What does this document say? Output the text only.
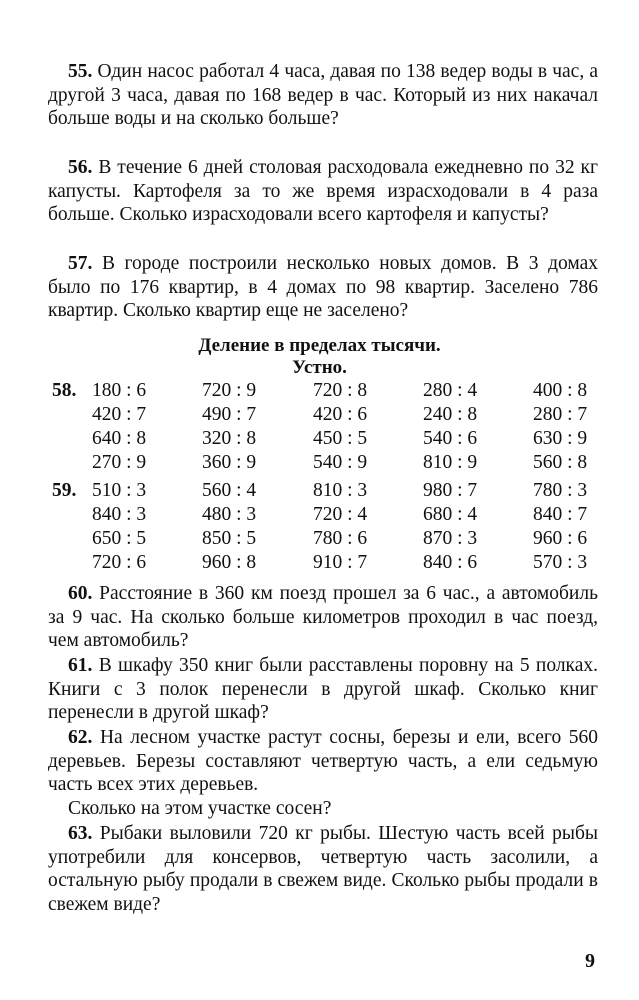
55. Один насос работал 4 часа, давая по 138 ведер воды в час, а другой 3 часа, давая по 168 ведер в час. Который из них накачал больше воды и на сколько больше?
56. В течение 6 дней столовая расходовала ежедневно по 32 кг капусты. Картофеля за то же время израсходовали в 4 раза больше. Сколько израсходовали всего картофеля и капусты?
57. В городе построили несколько новых домов. В 3 домах было по 176 квартир, в 4 домах по 98 квартир. Заселено 786 квартир. Сколько квартир еще не заселено?
Деление в пределах тысячи.
Устно.
58. 180 : 6	720 : 9	720 : 8	280 : 4	400 : 8
420 : 7	490 : 7	420 : 6	240 : 8	280 : 7
640 : 8	320 : 8	450 : 5	540 : 6	630 : 9
270 : 9	360 : 9	540 : 9	810 : 9	560 : 8
59. 510 : 3	560 : 4	810 : 3	980 : 7	780 : 3
840 : 3	480 : 3	720 : 4	680 : 4	840 : 7
650 : 5	850 : 5	780 : 6	870 : 3	960 : 6
720 : 6	960 : 8	910 : 7	840 : 6	570 : 3
60. Расстояние в 360 км поезд прошел за 6 час., а автомобиль за 9 час. На сколько больше километров проходил в час поезд, чем автомобиль?
61. В шкафу 350 книг были расставлены поровну на 5 полках. Книги с 3 полок перенесли в другой шкаф. Сколько книг перенесли в другой шкаф?
62. На лесном участке растут сосны, березы и ели, всего 560 деревьев. Березы составляют четвертую часть, а ели седьмую часть всех этих деревьев.
Сколько на этом участке сосен?
63. Рыбаки выловили 720 кг рыбы. Шестую часть всей рыбы употребили для консервов, четвертую часть засолили, а остальную рыбу продали в свежем виде. Сколько рыбы продали в свежем виде?
9
